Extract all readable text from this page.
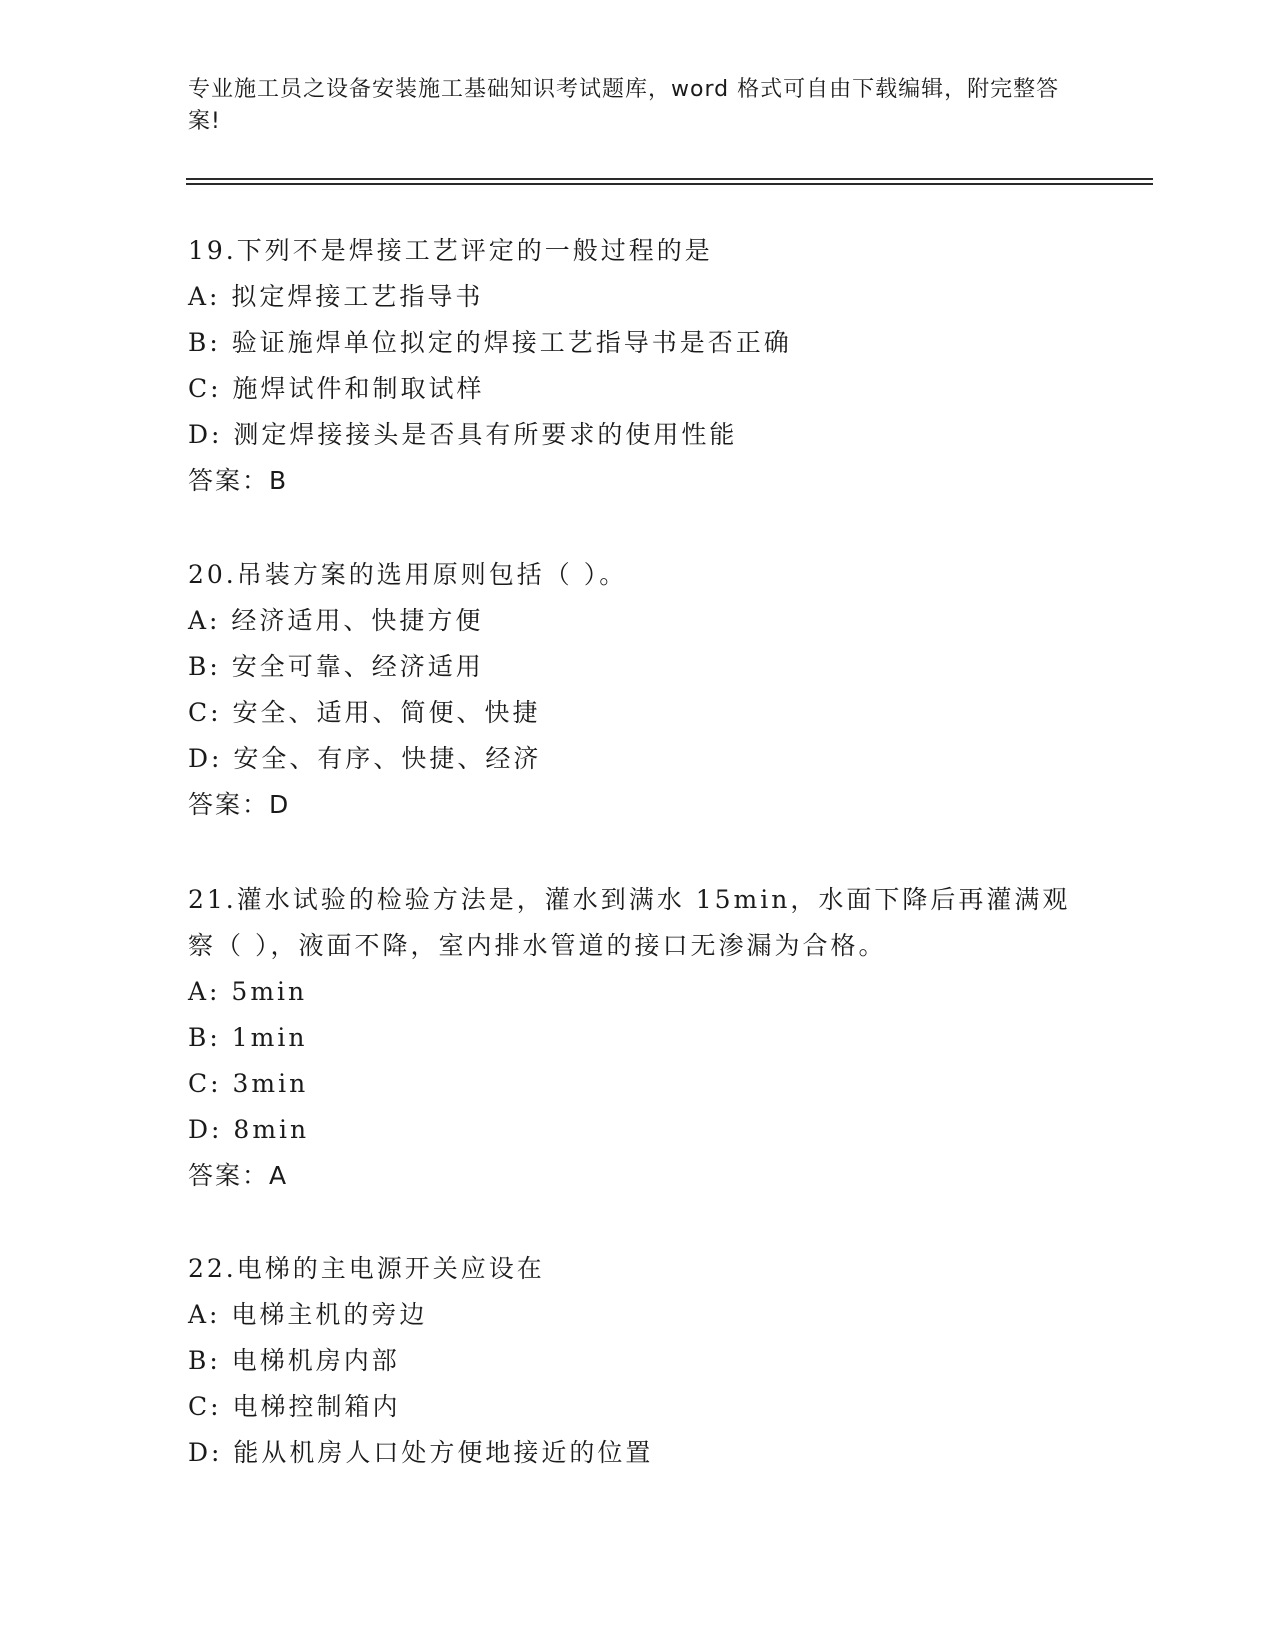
专业施工员之设备安装施工基础知识考试题库，word 格式可自由下载编辑，附完整答案!

19.下列不是焊接工艺评定的一般过程的是

A: 拟定焊接工艺指导书

B: 验证施焊单位拟定的焊接工艺指导书是否正确

C: 施焊试件和制取试样

D: 测定焊接接头是否具有所要求的使用性能

答案：B

20.吊装方案的选用原则包括（ ）。

A: 经济适用、快捷方便

B: 安全可靠、经济适用

C: 安全、适用、简便、快捷

D: 安全、有序、快捷、经济

答案：D

21.灌水试验的检验方法是，灌水到满水 15min，水面下降后再灌满观

察（ ），液面不降，室内排水管道的接口无渗漏为合格。

A: 5min

B: 1min

C: 3min

D: 8min

答案：A

22.电梯的主电源开关应设在

A: 电梯主机的旁边

B: 电梯机房内部

C: 电梯控制箱内

D: 能从机房人口处方便地接近的位置
